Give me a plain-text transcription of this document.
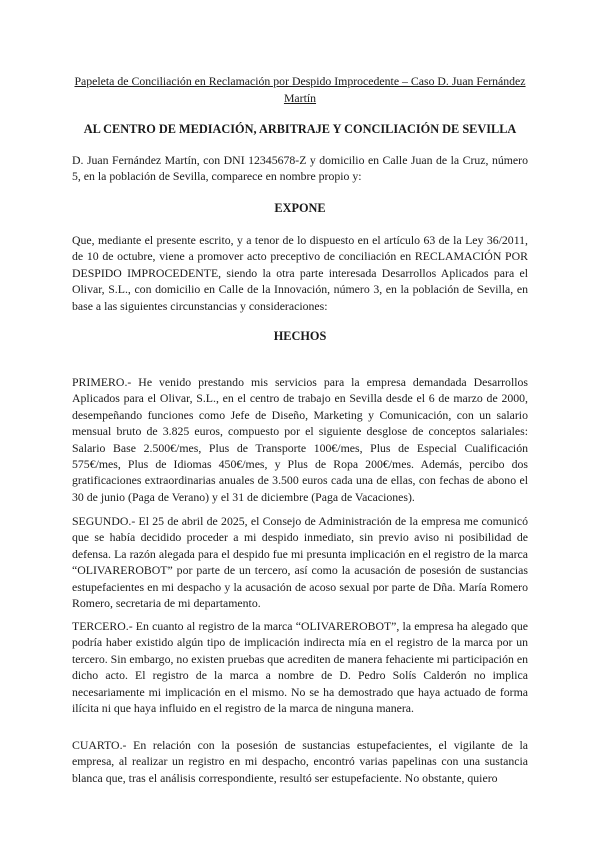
Papeleta de Conciliación en Reclamación por Despido Improcedente – Caso D. Juan Fernández Martín

AL CENTRO DE MEDIACIÓN, ARBITRAJE Y CONCILIACIÓN DE SEVILLA

D. Juan Fernández Martín, con DNI 12345678-Z y domicilio en Calle Juan de la Cruz, número 5, en la población de Sevilla, comparece en nombre propio y:

EXPONE

Que, mediante el presente escrito, y a tenor de lo dispuesto en el artículo 63 de la Ley 36/2011, de 10 de octubre, viene a promover acto preceptivo de conciliación en RECLAMACIÓN POR DESPIDO IMPROCEDENTE, siendo la otra parte interesada Desarrollos Aplicados para el Olivar, S.L., con domicilio en Calle de la Innovación, número 3, en la población de Sevilla, en base a las siguientes circunstancias y consideraciones:

HECHOS

PRIMERO.- He venido prestando mis servicios para la empresa demandada Desarrollos Aplicados para el Olivar, S.L., en el centro de trabajo en Sevilla desde el 6 de marzo de 2000, desempeñando funciones como Jefe de Diseño, Marketing y Comunicación, con un salario mensual bruto de 3.825 euros, compuesto por el siguiente desglose de conceptos salariales: Salario Base 2.500€/mes, Plus de Transporte 100€/mes, Plus de Especial Cualificación 575€/mes, Plus de Idiomas 450€/mes, y Plus de Ropa 200€/mes. Además, percibo dos gratificaciones extraordinarias anuales de 3.500 euros cada una de ellas, con fechas de abono el 30 de junio (Paga de Verano) y el 31 de diciembre (Paga de Vacaciones).

SEGUNDO.- El 25 de abril de 2025, el Consejo de Administración de la empresa me comunicó que se había decidido proceder a mi despido inmediato, sin previo aviso ni posibilidad de defensa. La razón alegada para el despido fue mi presunta implicación en el registro de la marca “OLIVAREROBOT” por parte de un tercero, así como la acusación de posesión de sustancias estupefacientes en mi despacho y la acusación de acoso sexual por parte de Dña. María Romero Romero, secretaria de mi departamento.

TERCERO.- En cuanto al registro de la marca “OLIVAREROBOT”, la empresa ha alegado que podría haber existido algún tipo de implicación indirecta mía en el registro de la marca por un tercero. Sin embargo, no existen pruebas que acrediten de manera fehaciente mi participación en dicho acto. El registro de la marca a nombre de D. Pedro Solís Calderón no implica necesariamente mi implicación en el mismo. No se ha demostrado que haya actuado de forma ilícita ni que haya influido en el registro de la marca de ninguna manera.

CUARTO.- En relación con la posesión de sustancias estupefacientes, el vigilante de la empresa, al realizar un registro en mi despacho, encontró varias papelinas con una sustancia blanca que, tras el análisis correspondiente, resultó ser estupefaciente. No obstante, quiero
